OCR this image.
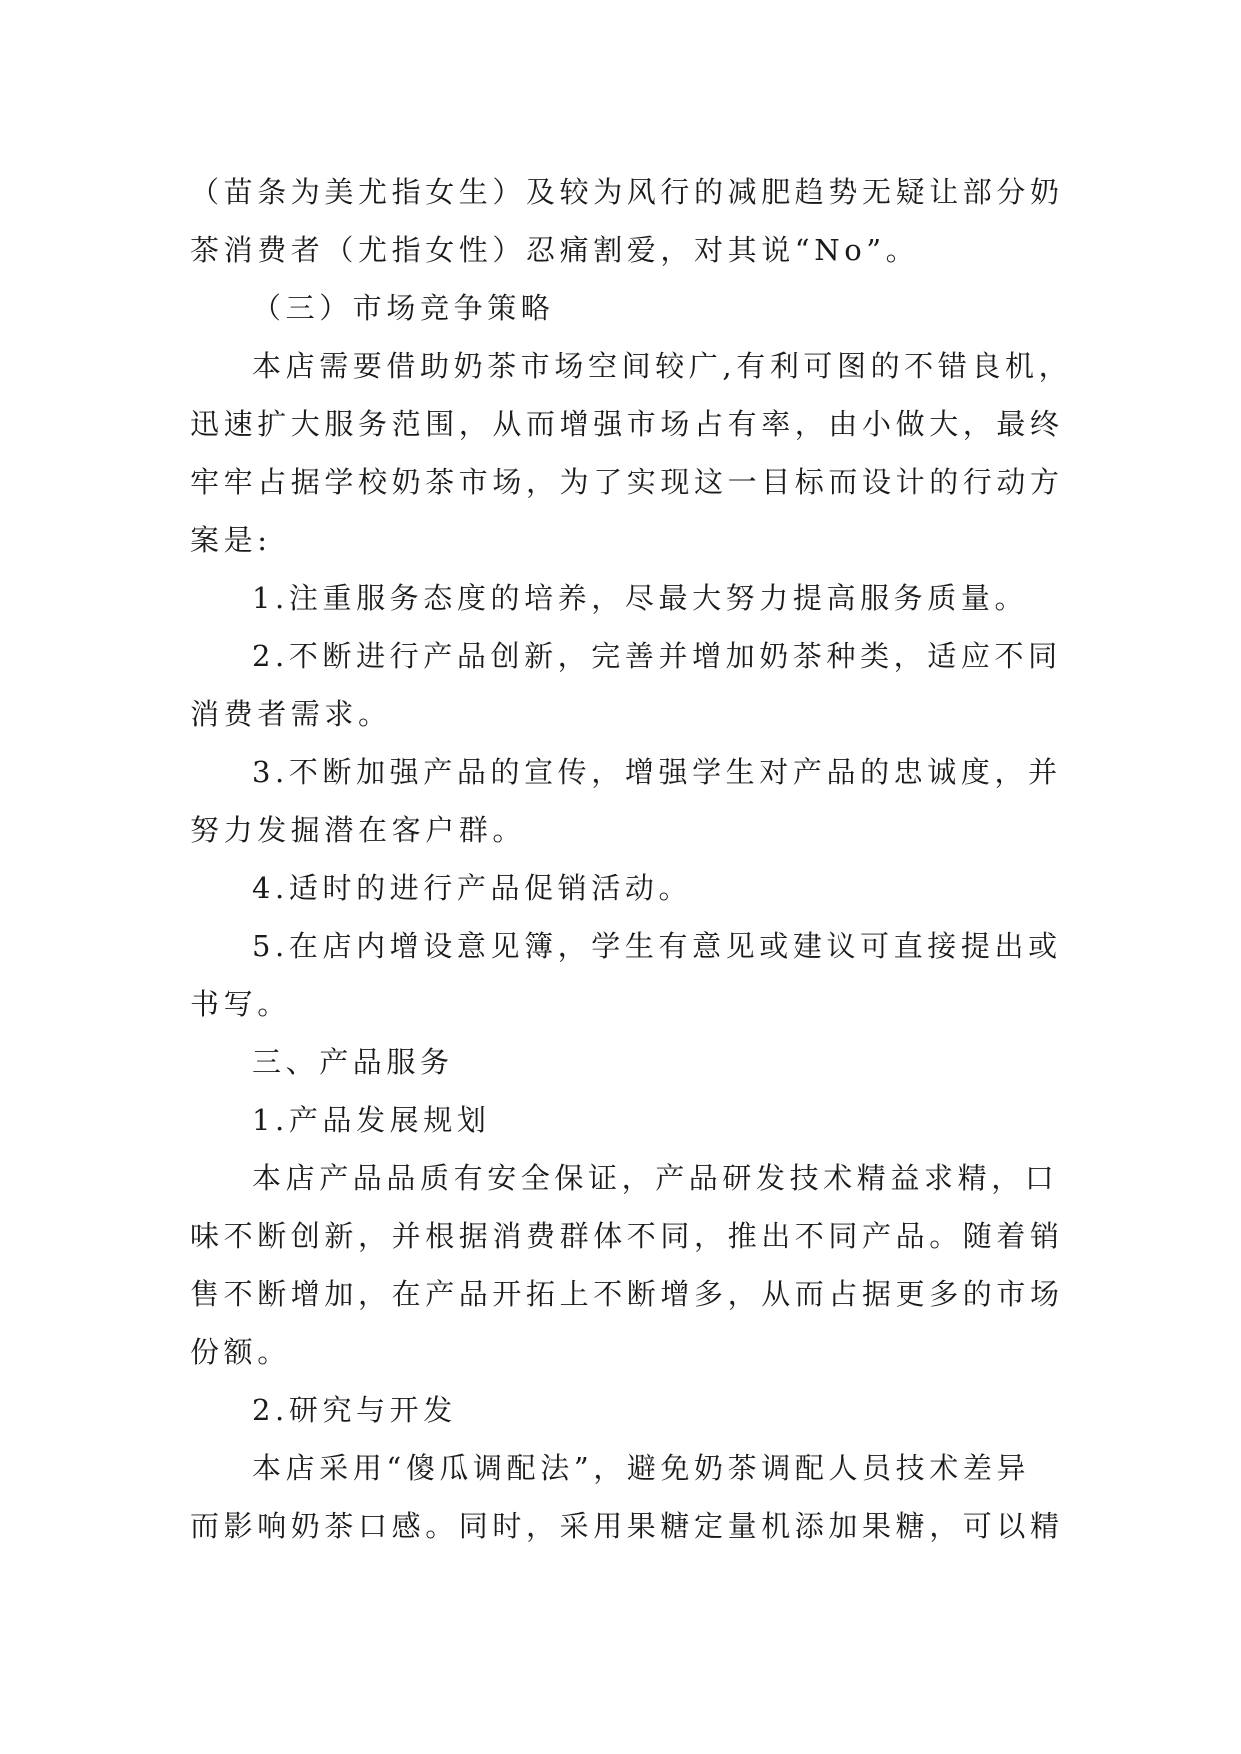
（苗条为美尤指女生）及较为风行的减肥趋势无疑让部分奶
茶消费者（尤指女性）忍痛割爱，对其说“No”。
（三）市场竞争策略
本店需要借助奶茶市场空间较广,有利可图的不错良机，
迅速扩大服务范围，从而增强市场占有率，由小做大，最终
牢牢占据学校奶茶市场，为了实现这一目标而设计的行动方
案是:
1.注重服务态度的培养，尽最大努力提高服务质量。
2.不断进行产品创新，完善并增加奶茶种类，适应不同
消费者需求。
3.不断加强产品的宣传，增强学生对产品的忠诚度，并
努力发掘潜在客户群。
4.适时的进行产品促销活动。
5.在店内增设意见簿，学生有意见或建议可直接提出或
书写。
三、产品服务
1.产品发展规划
本店产品品质有安全保证，产品研发技术精益求精，口
味不断创新，并根据消费群体不同，推出不同产品。随着销
售不断增加，在产品开拓上不断增多，从而占据更多的市场
份额。
2.研究与开发
本店采用“傻瓜调配法”，避免奶茶调配人员技术差异
而影响奶茶口感。同时，采用果糖定量机添加果糖，可以精
